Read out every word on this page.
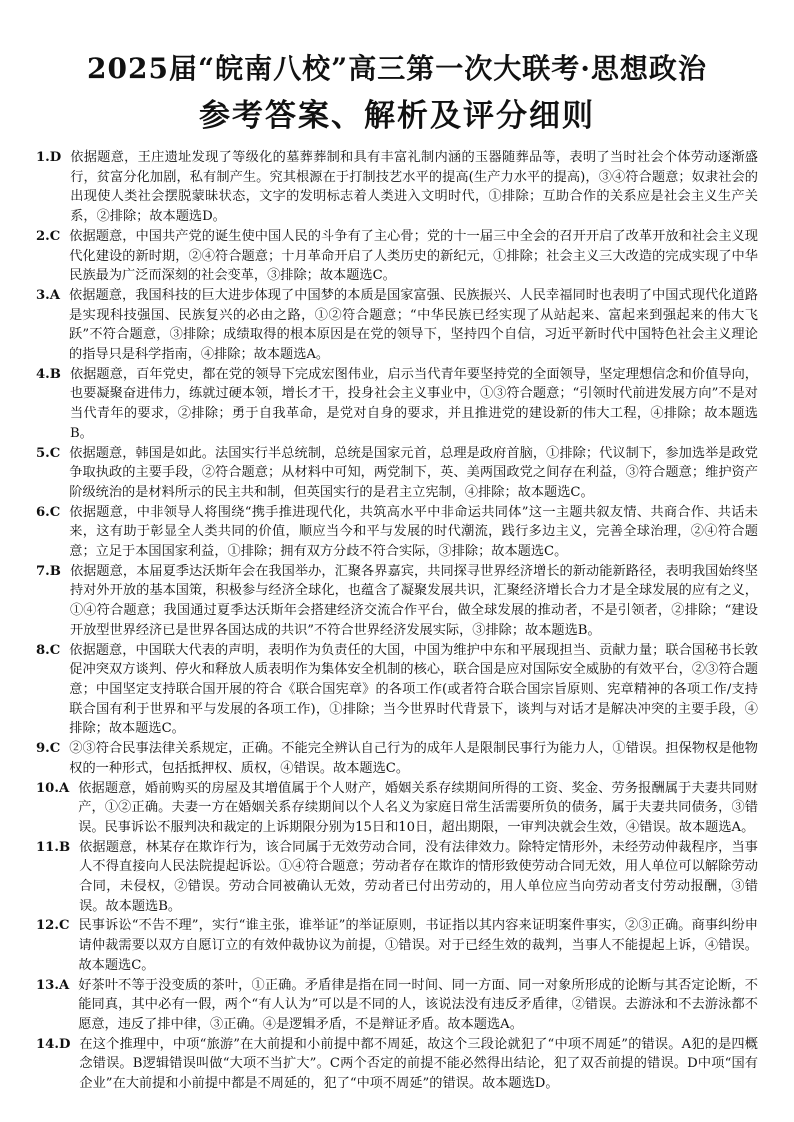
2025届“皖南八校”高三第一次大联考·思想政治
参考答案、解析及评分细则
1. D 依据题意，王庄遗址发现了等级化的墓葬葬制和具有丰富礼制内涵的玉器随葬品等，表明了当时社会个体劳动逐渐盛行，贫富分化加剧，私有制产生。究其根源在于打制技艺水平的提高(生产力水平的提高)，③④符合题意；奴隶社会的出现使人类社会摆脱蒙昧状态，文字的发明标志着人类进入文明时代，①排除；互助合作的关系应是社会主义生产关系，②排除；故本题选D。
2. C 依据题意，中国共产党的诞生使中国人民的斗争有了主心骨；党的十一届三中全会的召开开启了改革开放和社会主义现代化建设的新时期，②④符合题意；十月革命开启了人类历史的新纪元，①排除；社会主义三大改造的完成实现了中华民族最为广泛而深刻的社会变革，③排除；故本题选C。
3. A 依据题意，我国科技的巨大进步体现了中国梦的本质是国家富强、民族振兴、人民幸福同时也表明了中国式现代化道路是实现科技强国、民族复兴的必由之路，①②符合题意；“中华民族已经实现了从站起来、富起来到强起来的伟大飞跃”不符合题意，③排除；成绩取得的根本原因是在党的领导下，坚持四个自信，习近平新时代中国特色社会主义理论的指导只是科学指南，④排除；故本题选A。
4. B 依据题意，百年党史，都在党的领导下完成宏图伟业，启示当代青年要坚持党的全面领导，坚定理想信念和价值导向，也要凝聚奋进伟力，练就过硬本领，增长才干，投身社会主义事业中，①③符合题意；“引领时代前进发展方向”不是对当代青年的要求，②排除；勇于自我革命，是党对自身的要求，并且推进党的建设新的伟大工程，④排除；故本题选B。
5. C 依据题意，韩国是如此。法国实行半总统制，总统是国家元首，总理是政府首脑，①排除；代议制下，参加选举是政党争取执政的主要手段，②符合题意；从材料中可知，两党制下，英、美两国政党之间存在利益，③符合题意；维护资产阶级统治的是材料所示的民主共和制，但英国实行的是君主立宪制，④排除；故本题选C。
6. C 依据题意，中非领导人将围绕“携手推进现代化，共筑高水平中非命运共同体”这一主题共叙友情、共商合作、共话未来，这有助于彰显全人类共同的价值，顺应当今和平与发展的时代潮流，践行多边主义，完善全球治理，②④符合题意；立足于本国国家利益，①排除；拥有双方分歧不符合实际，③排除；故本题选C。
7. B 依据题意，本届夏季达沃斯年会在我国举办，汇聚各界嘉宾，共同探寻世界经济增长的新动能新路径，表明我国始终坚持对外开放的基本国策，积极参与经济全球化，也蕴含了凝聚发展共识，汇聚经济增长合力才是全球发展的应有之义，①④符合题意；我国通过夏季达沃斯年会搭建经济交流合作平台，做全球发展的推动者，不是引领者，②排除；“建设开放型世界经济已是世界各国达成的共识”不符合世界经济发展实际，③排除；故本题选B。
8. C 依据题意，中国联大代表的声明，表明作为负责任的大国，中国为维护中东和平展现担当、贡献力量；联合国秘书长敦促冲突双方谈判、停火和释放人质表明作为集体安全机制的核心，联合国是应对国际安全威胁的有效平台，②③符合题意；中国坚定支持联合国开展的符合《联合国宪章》的各项工作(或者符合联合国宗旨原则、宪章精神的各项工作/支持联合国有利于世界和平与发展的各项工作)，①排除；当今世界时代背景下，谈判与对话才是解决冲突的主要手段，④排除；故本题选C。
9. C ②③符合民事法律关系规定，正确。不能完全辨认自己行为的成年人是限制民事行为能力人，①错误。担保物权是他物权的一种形式，包括抵押权、质权，④错误。故本题选C。
10. A 依据题意，婚前购买的房屋及其增值属于个人财产，婚姻关系存续期间所得的工资、奖金、劳务报酬属于夫妻共同财产，①②正确。夫妻一方在婚姻关系存续期间以个人名义为家庭日常生活需要所负的债务，属于夫妻共同债务，③错误。民事诉讼不服判决和裁定的上诉期限分别为15日和10日，超出期限，一审判决就会生效，④错误。故本题选A。
11. B 依据题意，林某存在欺诈行为，该合同属于无效劳动合同，没有法律效力。除特定情形外，未经劳动仲裁程序，当事人不得直接向人民法院提起诉讼。①④符合题意；劳动者存在欺诈的情形致使劳动合同无效，用人单位可以解除劳动合同，未侵权，②错误。劳动合同被确认无效，劳动者已付出劳动的，用人单位应当向劳动者支付劳动报酬，③错误。故本题选B。
12. C 民事诉讼“不告不理”，实行“谁主张，谁举证”的举证原则，书证指以其内容来证明案件事实，②③正确。商事纠纷申请仲裁需要以双方自愿订立的有效仲裁协议为前提，①错误。对于已经生效的裁判，当事人不能提起上诉，④错误。故本题选C。
13. A 好茶叶不等于没变质的茶叶，①正确。矛盾律是指在同一时间、同一方面、同一对象所形成的论断与其否定论断，不能同真，其中必有一假，两个“有人认为”可以是不同的人，该说法没有违反矛盾律，②错误。去游泳和不去游泳都不愿意，违反了排中律，③正确。④是逻辑矛盾，不是辩证矛盾。故本题选A。
14. D 在这个推理中，中项“旅游”在大前提和小前提中都不周延，故这个三段论就犯了“中项不周延”的错误。A犯的是四概念错误。B逻辑错误叫做“大项不当扩大”。C两个否定的前提不能必然得出结论，犯了双否前提的错误。D中项“国有企业”在大前提和小前提中都是不周延的，犯了“中项不周延”的错误。故本题选D。
